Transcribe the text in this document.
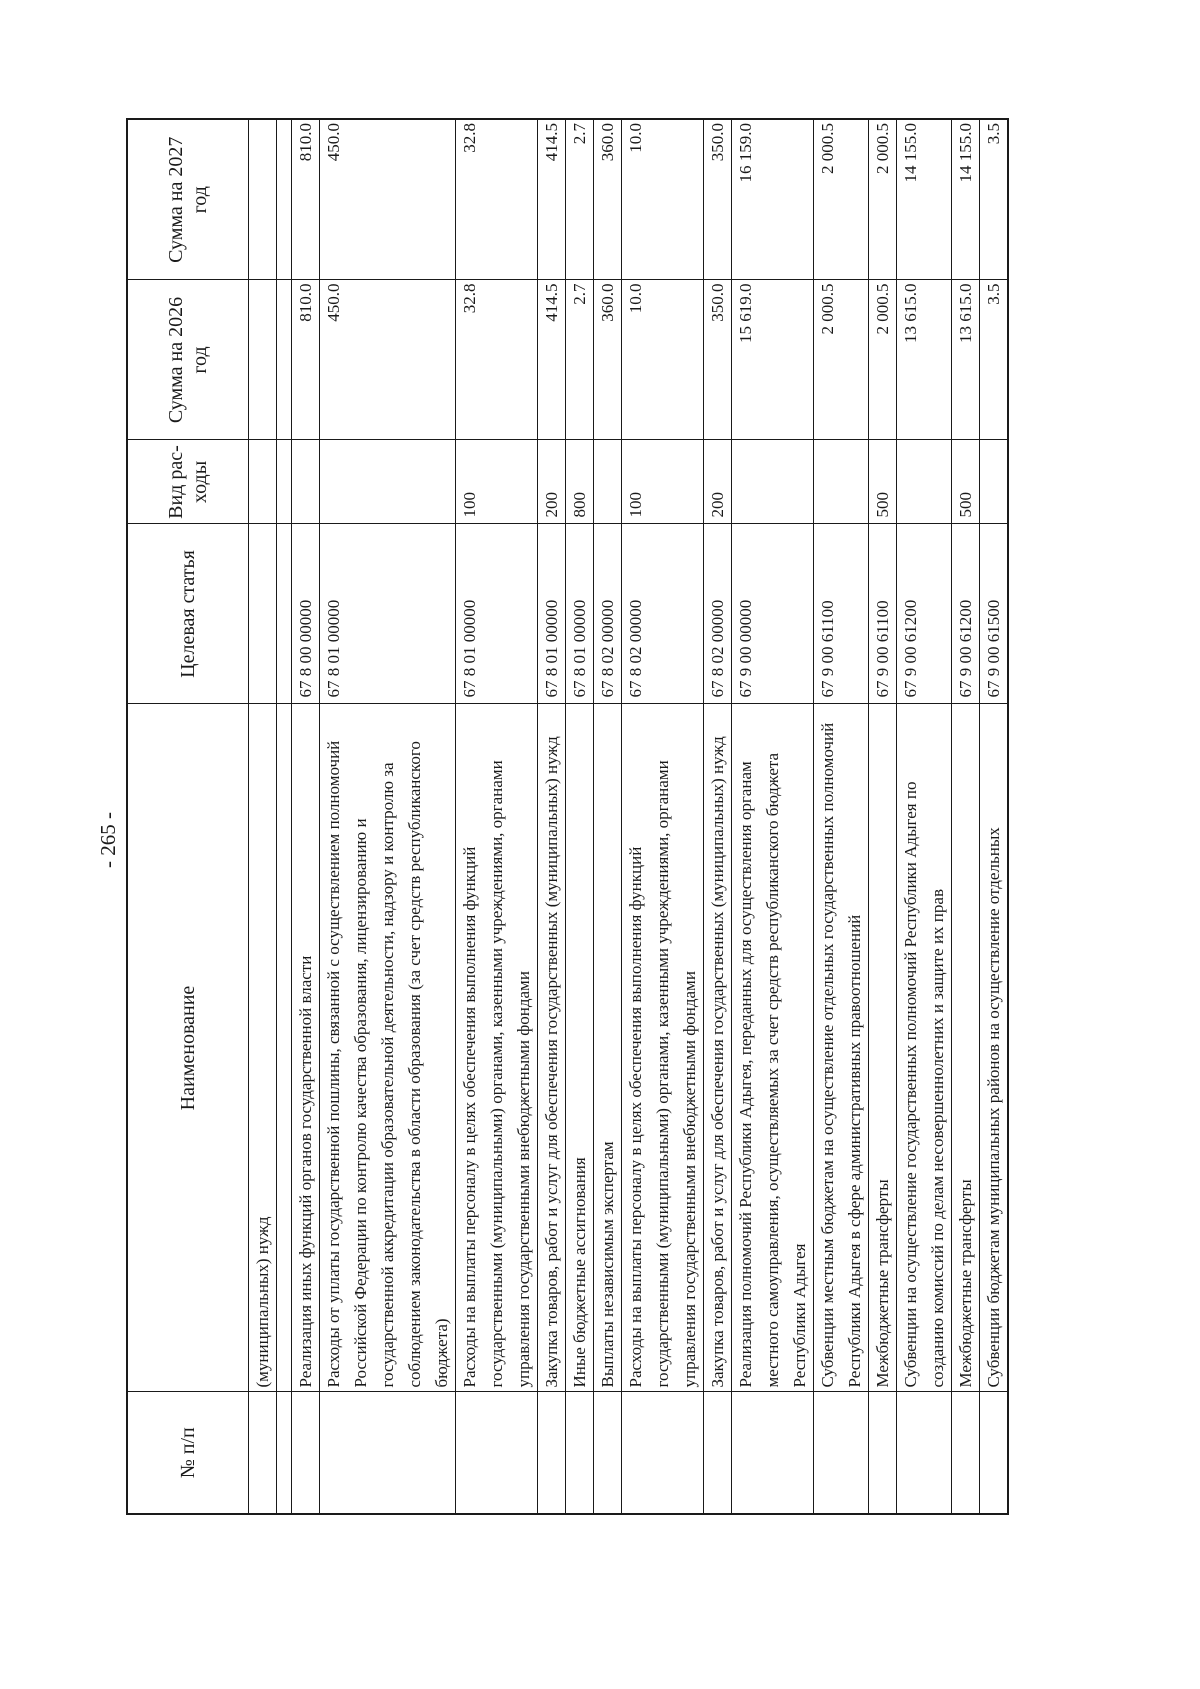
- 265 -
№ п/п	Наименование	Целевая статья	Вид рас-ходы	Сумма на 2026 год	Сумма на 2027 год
	(муниципальных) нужд				

	Реализация иных функций органов государственной власти	67 8 00 00000		810.0	810.0
	Расходы от уплаты государственной пошлины, связанной с осуществлением полномочий Российской Федерации по контролю качества образования, лицензированию и государственной аккредитации образовательной деятельности, надзору и контролю за соблюдением законодательства в области образования (за счет средств республиканского бюджета)	67 8 01 00000		450.0	450.0
	Расходы на выплаты персоналу в целях обеспечения выполнения функций государственными (муниципальными) органами, казенными учреждениями, органами управления государственными внебюджетными фондами	67 8 01 00000	100	32.8	32.8
	Закупка товаров, работ и услуг для обеспечения государственных (муниципальных) нужд	67 8 01 00000	200	414.5	414.5
	Иные бюджетные ассигнования	67 8 01 00000	800	2.7	2.7
	Выплаты независимым экспертам	67 8 02 00000		360.0	360.0
	Расходы на выплаты персоналу в целях обеспечения выполнения функций государственными (муниципальными) органами, казенными учреждениями, органами управления государственными внебюджетными фондами	67 8 02 00000	100	10.0	10.0
	Закупка товаров, работ и услуг для обеспечения государственных (муниципальных) нужд	67 8 02 00000	200	350.0	350.0
	Реализация полномочий Республики Адыгея, переданных для осуществления органам местного самоуправления, осуществляемых за счет средств республиканского бюджета Республики Адыгея	67 9 00 00000		15 619.0	16 159.0
	Субвенции местным бюджетам на осуществление отдельных государственных полномочий Республики Адыгея в сфере административных правоотношений	67 9 00 61100		2 000.5	2 000.5
	Межбюджетные трансферты	67 9 00 61100	500	2 000.5	2 000.5
	Субвенции на осуществление государственных полномочий Республики Адыгея по созданию комиссий по делам несовершеннолетних и защите их прав	67 9 00 61200		13 615.0	14 155.0
	Межбюджетные трансферты	67 9 00 61200	500	13 615.0	14 155.0
	Субвенции бюджетам муниципальных районов на осуществление отдельных	67 9 00 61500		3.5	3.5
